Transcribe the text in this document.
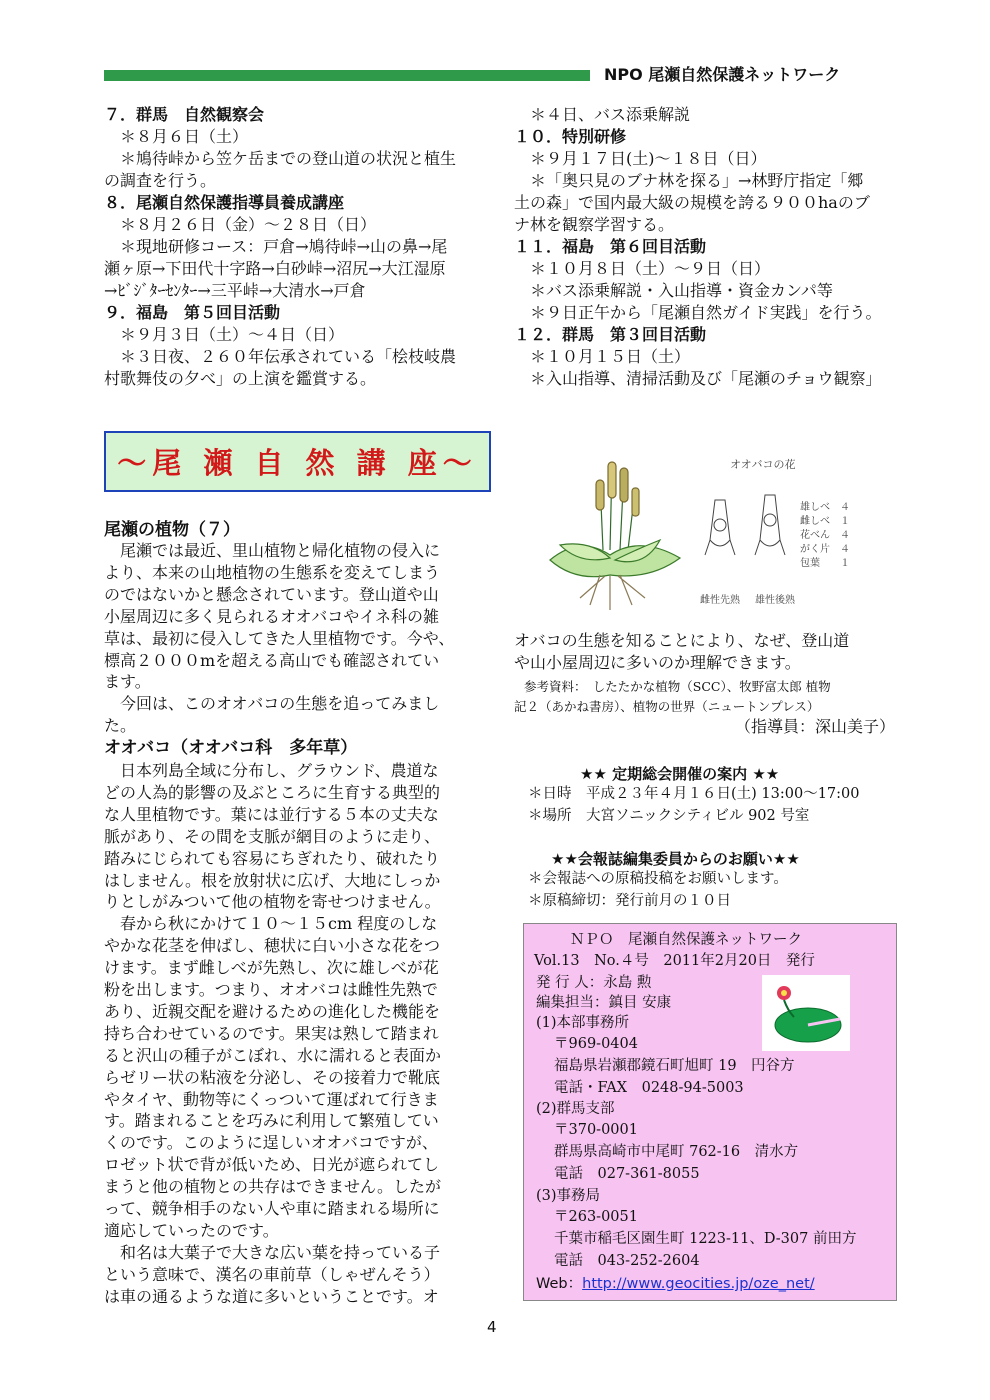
NPO 尾瀬自然保護ネットワーク
７．群馬　自然観察会
　＊８月６日（土）
　＊鳩待峠から笠ケ岳までの登山道の状況と植生
の調査を行う。
８．尾瀬自然保護指導員養成講座
　＊８月２６日（金）～２８日（日）
　＊現地研修コース：戸倉→鳩待峠→山の鼻→尾
瀬ヶ原→下田代十字路→白砂峠→沼尻→大江湿原
→ﾋﾞｼﾞﾀｰｾﾝﾀｰ→三平峠→大清水→戸倉
９．福島　第５回目活動
　＊９月３日（土）～４日（日）
　＊３日夜、２６０年伝承されている「桧枝岐農
村歌舞伎の夕べ」の上演を鑑賞する。
　＊４日、バス添乗解説
１０．特別研修
　＊９月１７日(土)～１８日（日）
　＊「奥只見のブナ林を探る」→林野庁指定「郷
土の森」で国内最大級の規模を誇る９００haのブ
ナ林を観察学習する。
１１．福島　第６回目活動
　＊１０月８日（土）～９日（日）
　＊バス添乗解説・入山指導・資金カンパ等
　＊９日正午から「尾瀬自然ガイド実践」を行う。
１２．群馬　第３回目活動
　＊１０月１５日（土）
　＊入山指導、清掃活動及び「尾瀬のチョウ観察」
～尾 瀬 自 然 講 座～
尾瀬の植物（７）
　尾瀬では最近、里山植物と帰化植物の侵入に
より、本来の山地植物の生態系を変えてしまう
のではないかと懸念されています。登山道や山
小屋周辺に多く見られるオオバコやイネ科の雑
草は、最初に侵入してきた人里植物です。今や、
標高２０００mを超える高山でも確認されてい
ます。
　今回は、このオオバコの生態を追ってみまし
た。
オオバコ（オオバコ科　多年草）
　日本列島全域に分布し、グラウンド、農道な
どの人為的影響の及ぶところに生育する典型的
な人里植物です。葉には並行する５本の丈夫な
脈があり、その間を支脈が網目のように走り、
踏みにじられても容易にちぎれたり、破れたり
はしません。根を放射状に広げ、大地にしっか
りとしがみついて他の植物を寄せつけません。
　春から秋にかけて１０～１５cm 程度のしな
やかな花茎を伸ばし、穂状に白い小さな花をつ
けます。まず雌しべが先熟し、次に雄しべが花
粉を出します。つまり、オオバコは雌性先熟で
あり、近親交配を避けるための進化した機能を
持ち合わせているのです。果実は熟して踏まれ
ると沢山の種子がこぼれ、水に濡れると表面か
らゼリー状の粘液を分泌し、その接着力で靴底
やタイヤ、動物等にくっついて運ばれて行きま
す。踏まれることを巧みに利用して繁殖してい
くのです。このように逞しいオオバコですが、
ロゼット状で背が低いため、日光が遮られてし
まうと他の植物との共存はできません。したが
って、競争相手のない人や車に踏まれる場所に
適応していったのです。
　和名は大葉子で大きな広い葉を持っている子
という意味で、漢名の車前草（しゃぜんそう）
は車の通るような道に多いということです。オ
オオバコの花
雄しべ　４
雌しべ　１
花べん　４
がく片　４
包葉　　１
雌性先熟 雄性後熟
オバコの生態を知ることにより、なぜ、登山道
や山小屋周辺に多いのか理解できます。
参考資料：　したたかな植物（SCC）、牧野富太郎 植物
記２（あかね書房）、植物の世界（ニュートンプレス）
（指導員：深山美子）
★★ 定期総会開催の案内 ★★
＊日時　平成２３年４月１６日(土) 13:00～17:00
＊場所　大宮ソニックシティビル 902 号室
★★会報誌編集委員からのお願い★★
＊会報誌への原稿投稿をお願いします。
＊原稿締切：発行前月の１０日
ＮＰＯ　尾瀬自然保護ネットワーク
Vol.13　No.４号　2011年2月20日　発行
発 行 人：永島 勲
編集担当：鎮目 安康
(1)本部事務所
〒969-0404
福島県岩瀬郡鏡石町旭町 19　円谷方
電話・FAX　0248-94-5003
(2)群馬支部
〒370-0001
群馬県高崎市中尾町 762-16　清水方
電話　027-361-8055
(3)事務局
〒263-0051
千葉市稲毛区園生町 1223-11、D-307 前田方
電話　043-252-2604
Web：http://www.geocities.jp/oze_net/
4
